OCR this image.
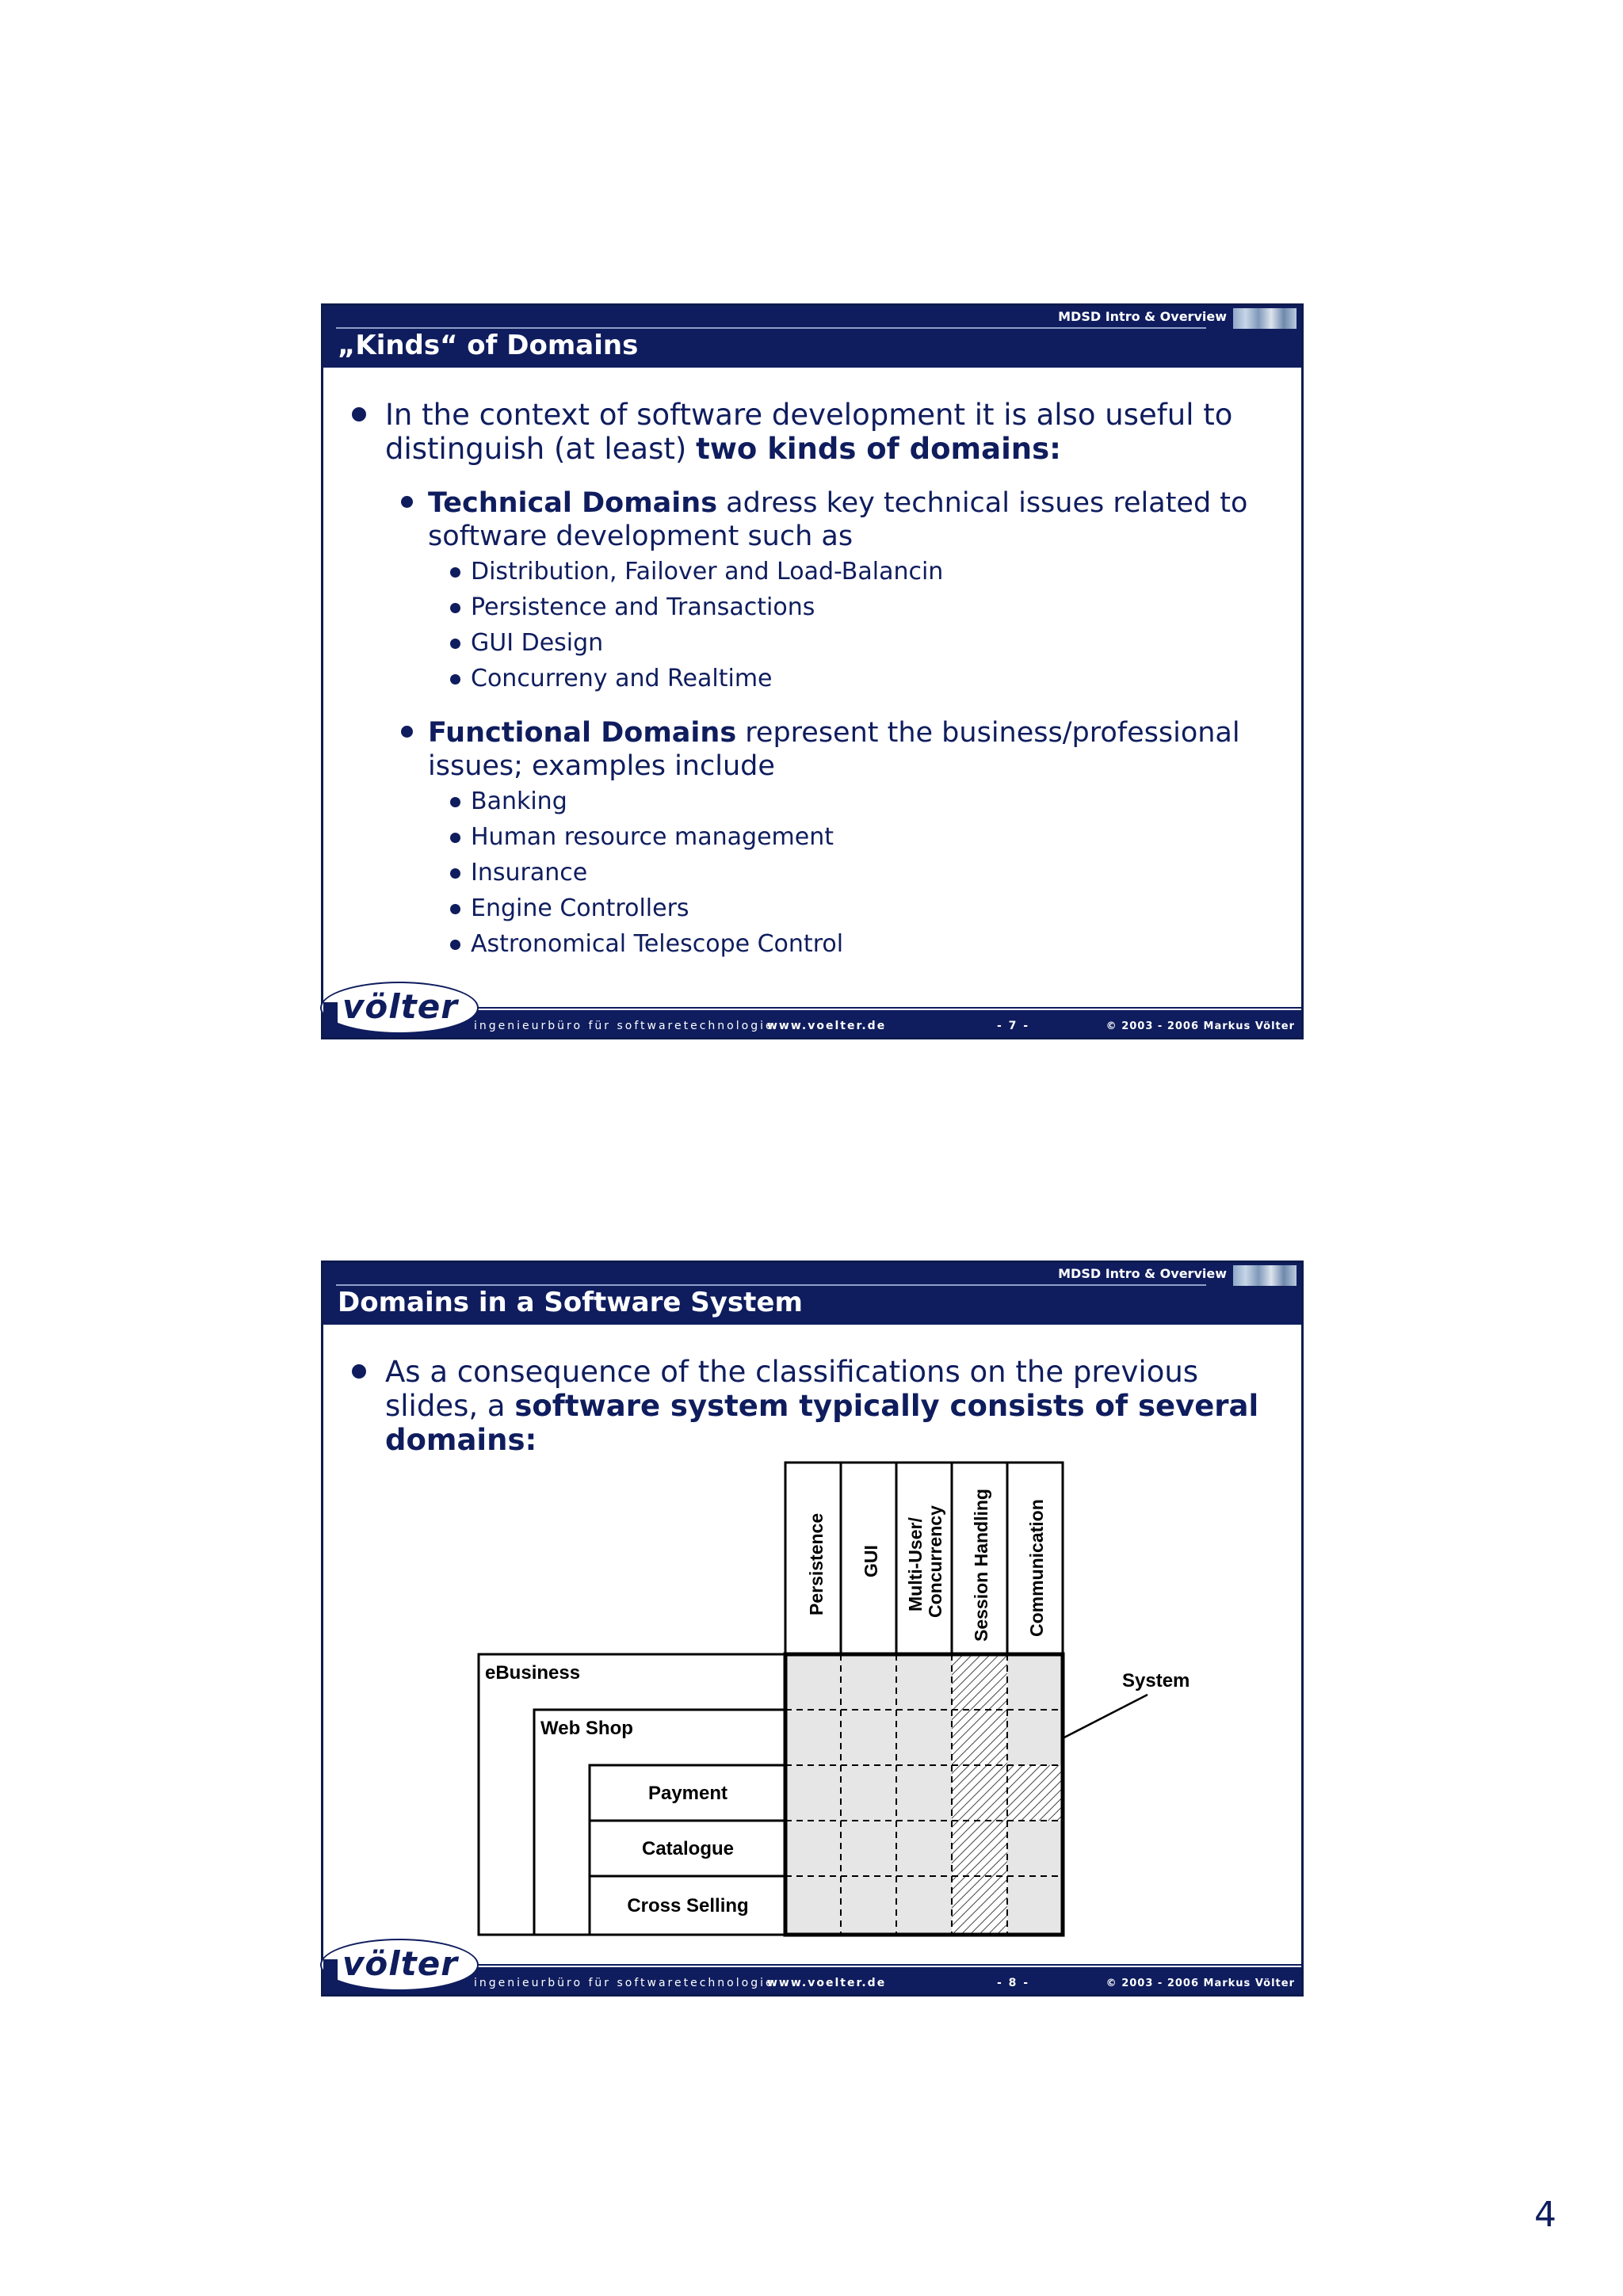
MDSD Intro & Overview
„Kinds“ of Domains
In the context of software development it is also useful to distinguish (at least) two kinds of domains:
Technical Domains adress key technical issues related to software development such as
Distribution, Failover and Load-Balancin
Persistence and Transactions
GUI Design
Concurreny and Realtime
Functional Domains represent the business/professional issues; examples include
Banking
Human resource management
Insurance
Engine Controllers
Astronomical Telescope Control
völter ingenieurbüro für softwaretechnologie
www.voelter.de	- 7 -	© 2003 - 2006 Markus Völter
MDSD Intro & Overview
Domains in a Software System
As a consequence of the classifications on the previous slides, a software system typically consists of several domains:
Persistence GUI Multi-User/ Concurrency Session Handling Communication
eBusiness
Web Shop
Payment
Catalogue
Cross Selling
System
völter ingenieurbüro für softwaretechnologie
www.voelter.de	- 8 -	© 2003 - 2006 Markus Völter
4
